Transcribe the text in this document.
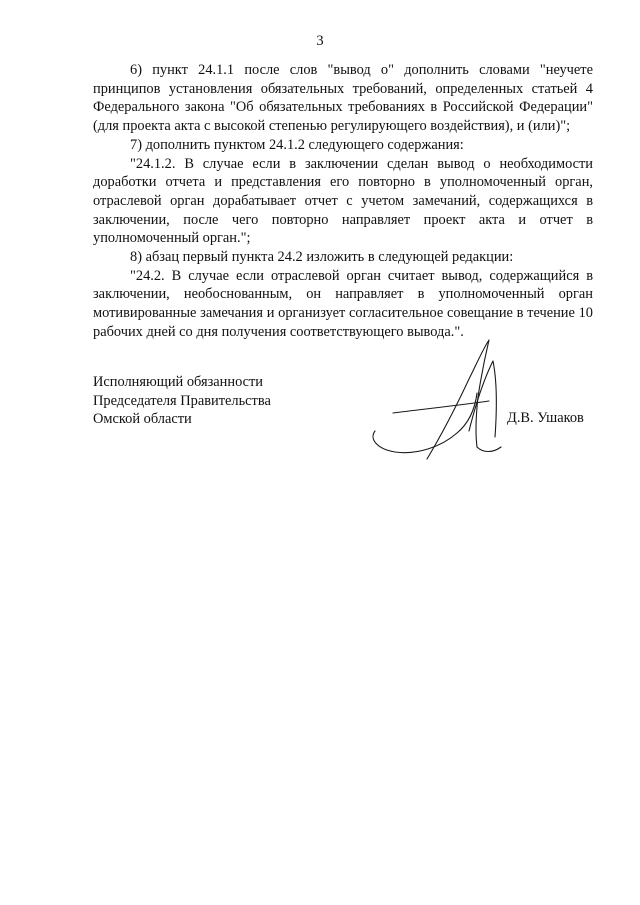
3

6) пункт 24.1.1 после слов "вывод о" дополнить словами "неучете принципов установления обязательных требований, определенных статьей 4 Федерального закона "Об обязательных требованиях в Российской Федерации" (для проекта акта с высокой степенью регулирующего воздействия), и (или)";

7) дополнить пунктом 24.1.2 следующего содержания:

"24.1.2. В случае если в заключении сделан вывод о необходимости доработки отчета и представления его повторно в уполномоченный орган, отраслевой орган дорабатывает отчет с учетом замечаний, содержащихся в заключении, после чего повторно направляет проект акта и отчет в уполномоченный орган.";

8) абзац первый пункта 24.2 изложить в следующей редакции:

"24.2. В случае если отраслевой орган считает вывод, содержащийся в заключении, необоснованным, он направляет в уполномоченный орган мотивированные замечания и организует согласительное совещание в течение 10 рабочих дней со дня получения соответствующего вывода.".

Исполняющий обязанности
Председателя Правительства
Омской области	Д.В. Ушаков
